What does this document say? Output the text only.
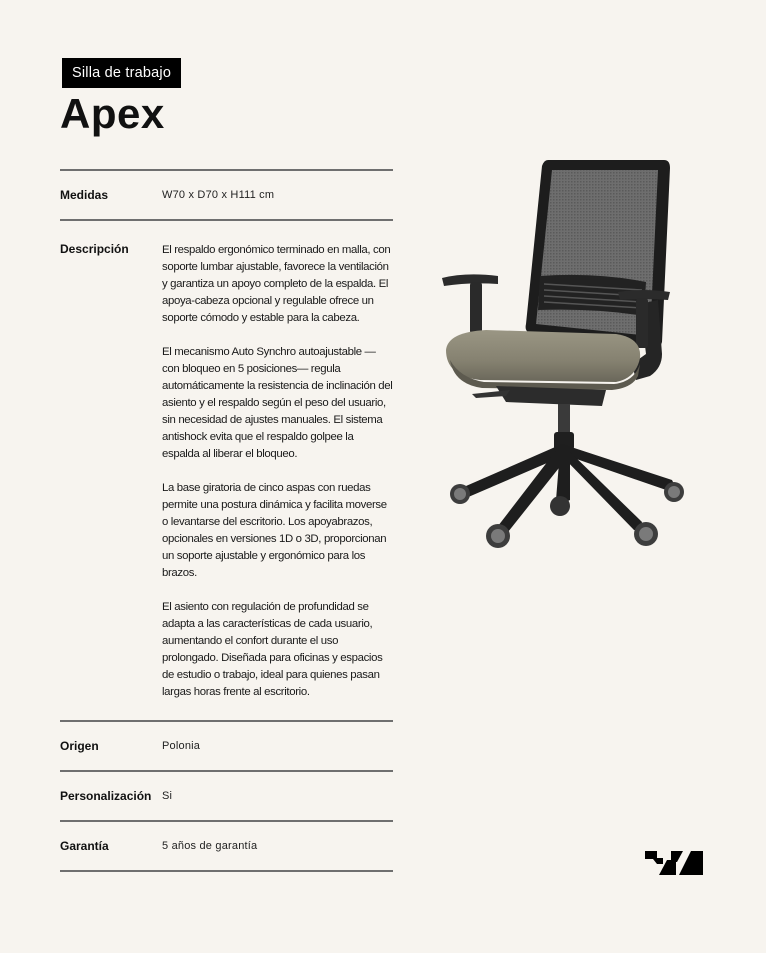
Silla de trabajo
Apex
Medidas	W70 x D70 x H111 cm
Descripción	El respaldo ergonómico terminado en malla, con soporte lumbar ajustable, favorece la ventilación y garantiza un apoyo completo de la espalda. El apoya-cabeza opcional y regulable ofrece un soporte cómodo y estable para la cabeza.

El mecanismo Auto Synchro autoajustable — con bloqueo en 5 posiciones— regula automáticamente la resistencia de inclinación del asiento y el respaldo según el peso del usuario, sin necesidad de ajustes manuales. El sistema antishock evita que el respaldo golpee la espalda al liberar el bloqueo.

La base giratoria de cinco aspas con ruedas permite una postura dinámica y facilita moverse o levantarse del escritorio. Los apoyabrazos, opcionales en versiones 1D o 3D, proporcionan un soporte ajustable y ergonómico para los brazos.

El asiento con regulación de profundidad se adapta a las características de cada usuario, aumentando el confort durante el uso prolongado. Diseñada para oficinas y espacios de estudio o trabajo, ideal para quienes pasan largas horas frente al escritorio.

Origen	Polonia
Personalización Si
Garantía	5 años de garantía
